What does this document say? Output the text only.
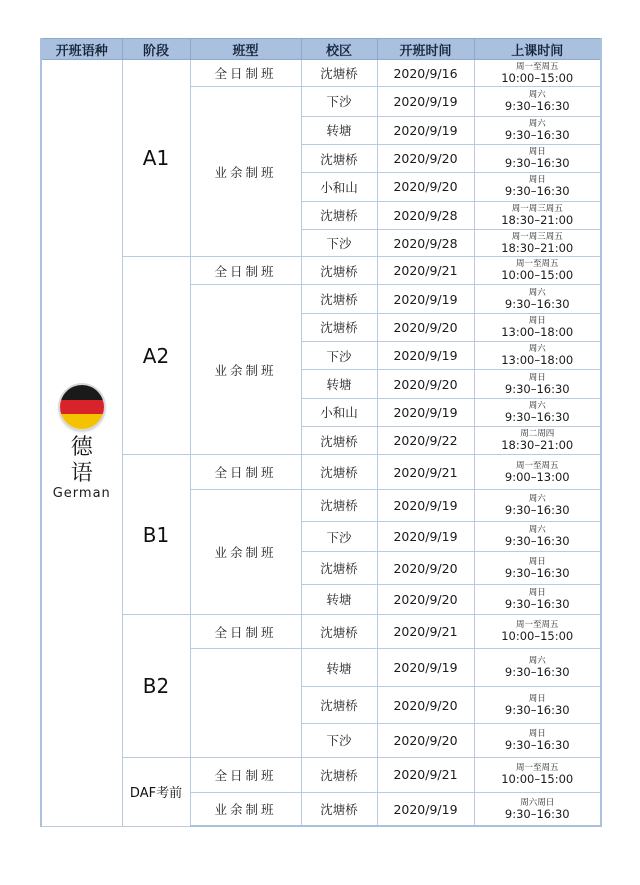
开班语种	阶段	班型	校区	开班时间	上课时间

德 语
German	A1	全日制班	沈塘桥	2020/9/16	周一至周五
10:00–15:00

		业余制班	下沙	2020/9/19	周六
9:30–16:30

			转塘	2020/9/19	周六
9:30–16:30

			沈塘桥	2020/9/20	周日
9:30–16:30

			小和山	2020/9/20	周日
9:30–16:30

			沈塘桥	2020/9/28	周一周三周五
18:30–21:00

			下沙	2020/9/28	周一周三周五
18:30–21:00

	A2	全日制班	沈塘桥	2020/9/21	周一至周五
10:00–15:00

		业余制班	沈塘桥	2020/9/19	周六
9:30–16:30

			沈塘桥	2020/9/20	周日
13:00–18:00

			下沙	2020/9/19	周六
13:00–18:00

			转塘	2020/9/20	周日
9:30–16:30

			小和山	2020/9/19	周六
9:30–16:30

			沈塘桥	2020/9/22	周二周四
18:30–21:00

	B1	全日制班	沈塘桥	2020/9/21	周一至周五
9:00–13:00

		业余制班	沈塘桥	2020/9/19	周六
9:30–16:30

			下沙	2020/9/19	周六
9:30–16:30

			沈塘桥	2020/9/20	周日
9:30–16:30

			转塘	2020/9/20	周日
9:30–16:30

	B2	全日制班	沈塘桥	2020/9/21	周一至周五
10:00–15:00

			转塘	2020/9/19	周六
9:30–16:30

			沈塘桥	2020/9/20	周日
9:30–16:30

			下沙	2020/9/20	周日
9:30–16:30

	DAF考前	全日制班	沈塘桥	2020/9/21	周一至周五
10:00–15:00

		业余制班	沈塘桥	2020/9/19	周六周日
9:30–16:30
